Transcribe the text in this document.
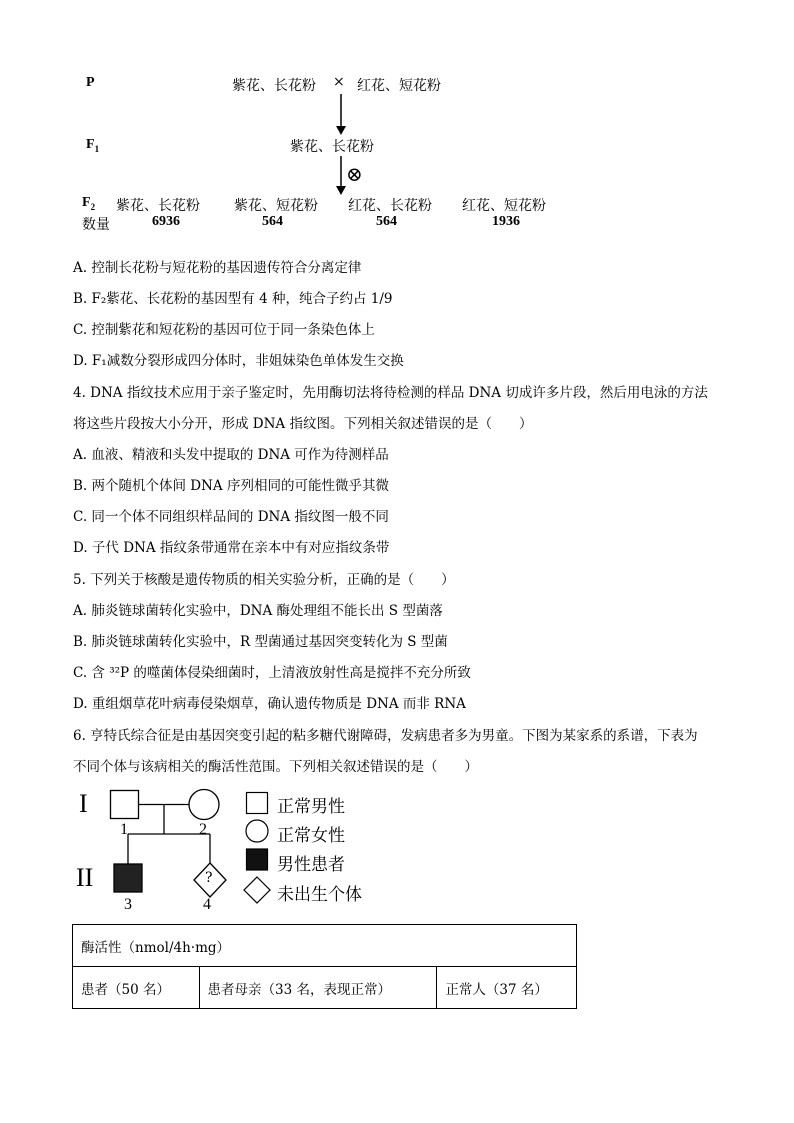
P	紫花、长花粉 × 红花、短花粉
$F_1$	紫花、长花粉
⊗
$F_2$ 紫花、长花粉 紫花、短花粉 红花、长花粉 红花、短花粉
数量	6936	564	564	1936
A. 控制长花粉与短花粉的基因遗传符合分离定律
B. F₂紫花、长花粉的基因型有 4 种，纯合子约占 1/9
C. 控制紫花和短花粉的基因可位于同一条染色体上
D. F₁减数分裂形成四分体时，非姐妹染色单体发生交换
4. DNA 指纹技术应用于亲子鉴定时，先用酶切法将待检测的样品 DNA 切成许多片段，然后用电泳的方法
将这些片段按大小分开，形成 DNA 指纹图。下列相关叙述错误的是（　　）
A. 血液、精液和头发中提取的 DNA 可作为待测样品
B. 两个随机个体间 DNA 序列相同的可能性微乎其微
C. 同一个体不同组织样品间的 DNA 指纹图一般不同
D. 子代 DNA 指纹条带通常在亲本中有对应指纹条带
5. 下列关于核酸是遗传物质的相关实验分析，正确的是（　　）
A. 肺炎链球菌转化实验中，DNA 酶处理组不能长出 S 型菌落
B. 肺炎链球菌转化实验中，R 型菌通过基因突变转化为 S 型菌
C. 含 ³²P 的噬菌体侵染细菌时，上清液放射性高是搅拌不充分所致
D. 重组烟草花叶病毒侵染烟草，确认遗传物质是 DNA 而非 RNA
6. 亨特氏综合征是由基因突变引起的粘多糖代谢障碍，发病患者多为男童。下图为某家系的系谱，下表为
不同个体与该病相关的酶活性范围。下列相关叙述错误的是（　　）
I
II	?
1	2
3	4
正常男性
正常女性
男性患者
未出生个体
酶活性（nmol/4h·mg）
患者（50 名）	患者母亲（33 名，表现正常）	正常人（37 名）
